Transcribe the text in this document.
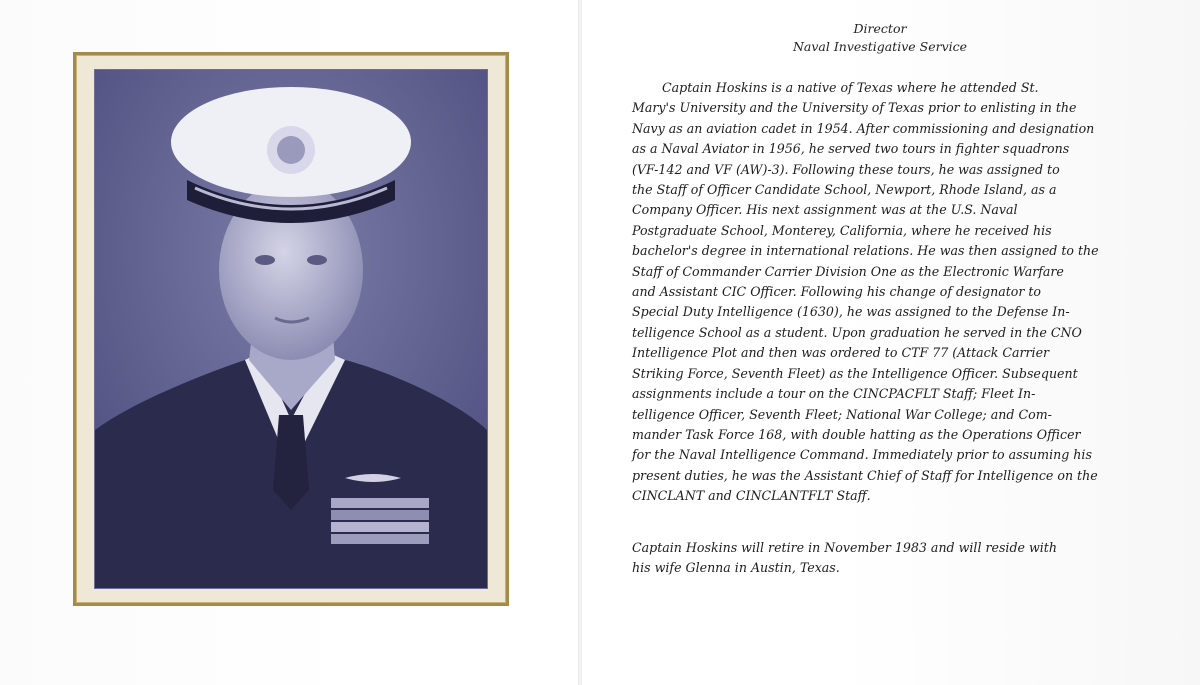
Director
Naval Investigative Service
Captain Hoskins is a native of Texas where he attended St.
Mary's University and the University of Texas prior to enlisting in the
Navy as an aviation cadet in 1954. After commissioning and designation
as a Naval Aviator in 1956, he served two tours in fighter squadrons
(VF-142 and VF (AW)-3). Following these tours, he was assigned to
the Staff of Officer Candidate School, Newport, Rhode Island, as a
Company Officer. His next assignment was at the U.S. Naval
Postgraduate School, Monterey, California, where he received his
bachelor's degree in international relations. He was then assigned to the
Staff of Commander Carrier Division One as the Electronic Warfare
and Assistant CIC Officer. Following his change of designator to
Special Duty Intelligence (1630), he was assigned to the Defense In-
telligence School as a student. Upon graduation he served in the CNO
Intelligence Plot and then was ordered to CTF 77 (Attack Carrier
Striking Force, Seventh Fleet) as the Intelligence Officer. Subsequent
assignments include a tour on the CINCPACFLT Staff; Fleet In-
telligence Officer, Seventh Fleet; National War College; and Com-
mander Task Force 168, with double hatting as the Operations Officer
for the Naval Intelligence Command. Immediately prior to assuming his
present duties, he was the Assistant Chief of Staff for Intelligence on the
CINCLANT and CINCLANTFLT Staff.
Captain Hoskins will retire in November 1983 and will reside with
his wife Glenna in Austin, Texas.
